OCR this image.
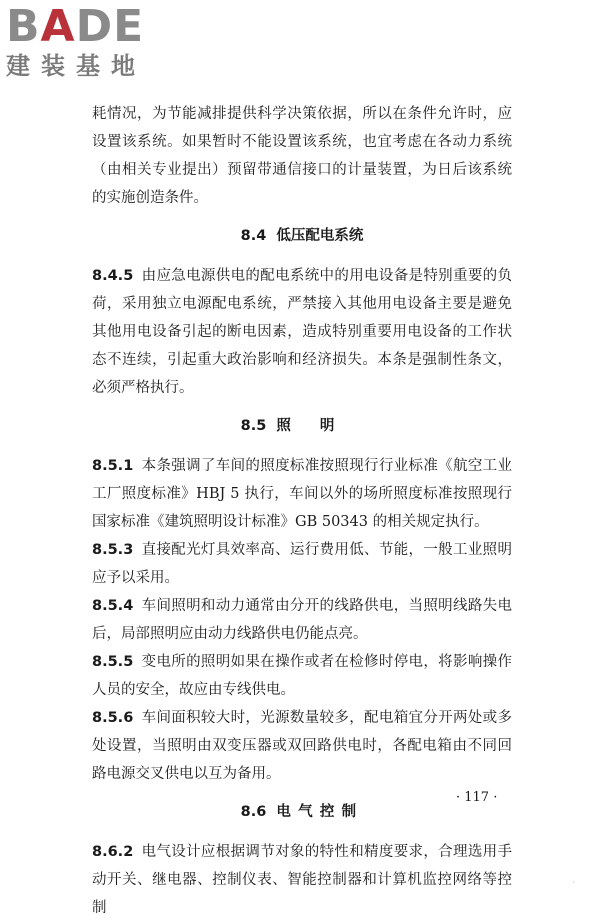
BADE
建装基地

耗情况，为节能减排提供科学决策依据，所以在条件允许时，应设置该系统。如果暂时不能设置该系统，也宜考虑在各动力系统（由相关专业提出）预留带通信接口的计量装置，为日后该系统的实施创造条件。

8.4 低压配电系统

8.4.5 由应急电源供电的配电系统中的用电设备是特别重要的负荷，采用独立电源配电系统，严禁接入其他用电设备主要是避免其他用电设备引起的断电因素，造成特别重要用电设备的工作状态不连续，引起重大政治影响和经济损失。本条是强制性条文，必须严格执行。

8.5 照明

8.5.1 本条强调了车间的照度标准按照现行行业标准《航空工业工厂照度标准》HBJ 5 执行，车间以外的场所照度标准按照现行国家标准《建筑照明设计标准》GB 50343 的相关规定执行。

8.5.3 直接配光灯具效率高、运行费用低、节能，一般工业照明应予以采用。

8.5.4 车间照明和动力通常由分开的线路供电，当照明线路失电后，局部照明应由动力线路供电仍能点亮。

8.5.5 变电所的照明如果在操作或者在检修时停电，将影响操作人员的安全，故应由专线供电。

8.5.6 车间面积较大时，光源数量较多，配电箱宜分开两处或多处设置，当照明由双变压器或双回路供电时，各配电箱由不同回路电源交叉供电以互为备用。

8.6 电气控制

8.6.2 电气设计应根据调节对象的特性和精度要求，合理选用手动开关、继电器、控制仪表、智能控制器和计算机监控网络等控制

· 117 ·
·
